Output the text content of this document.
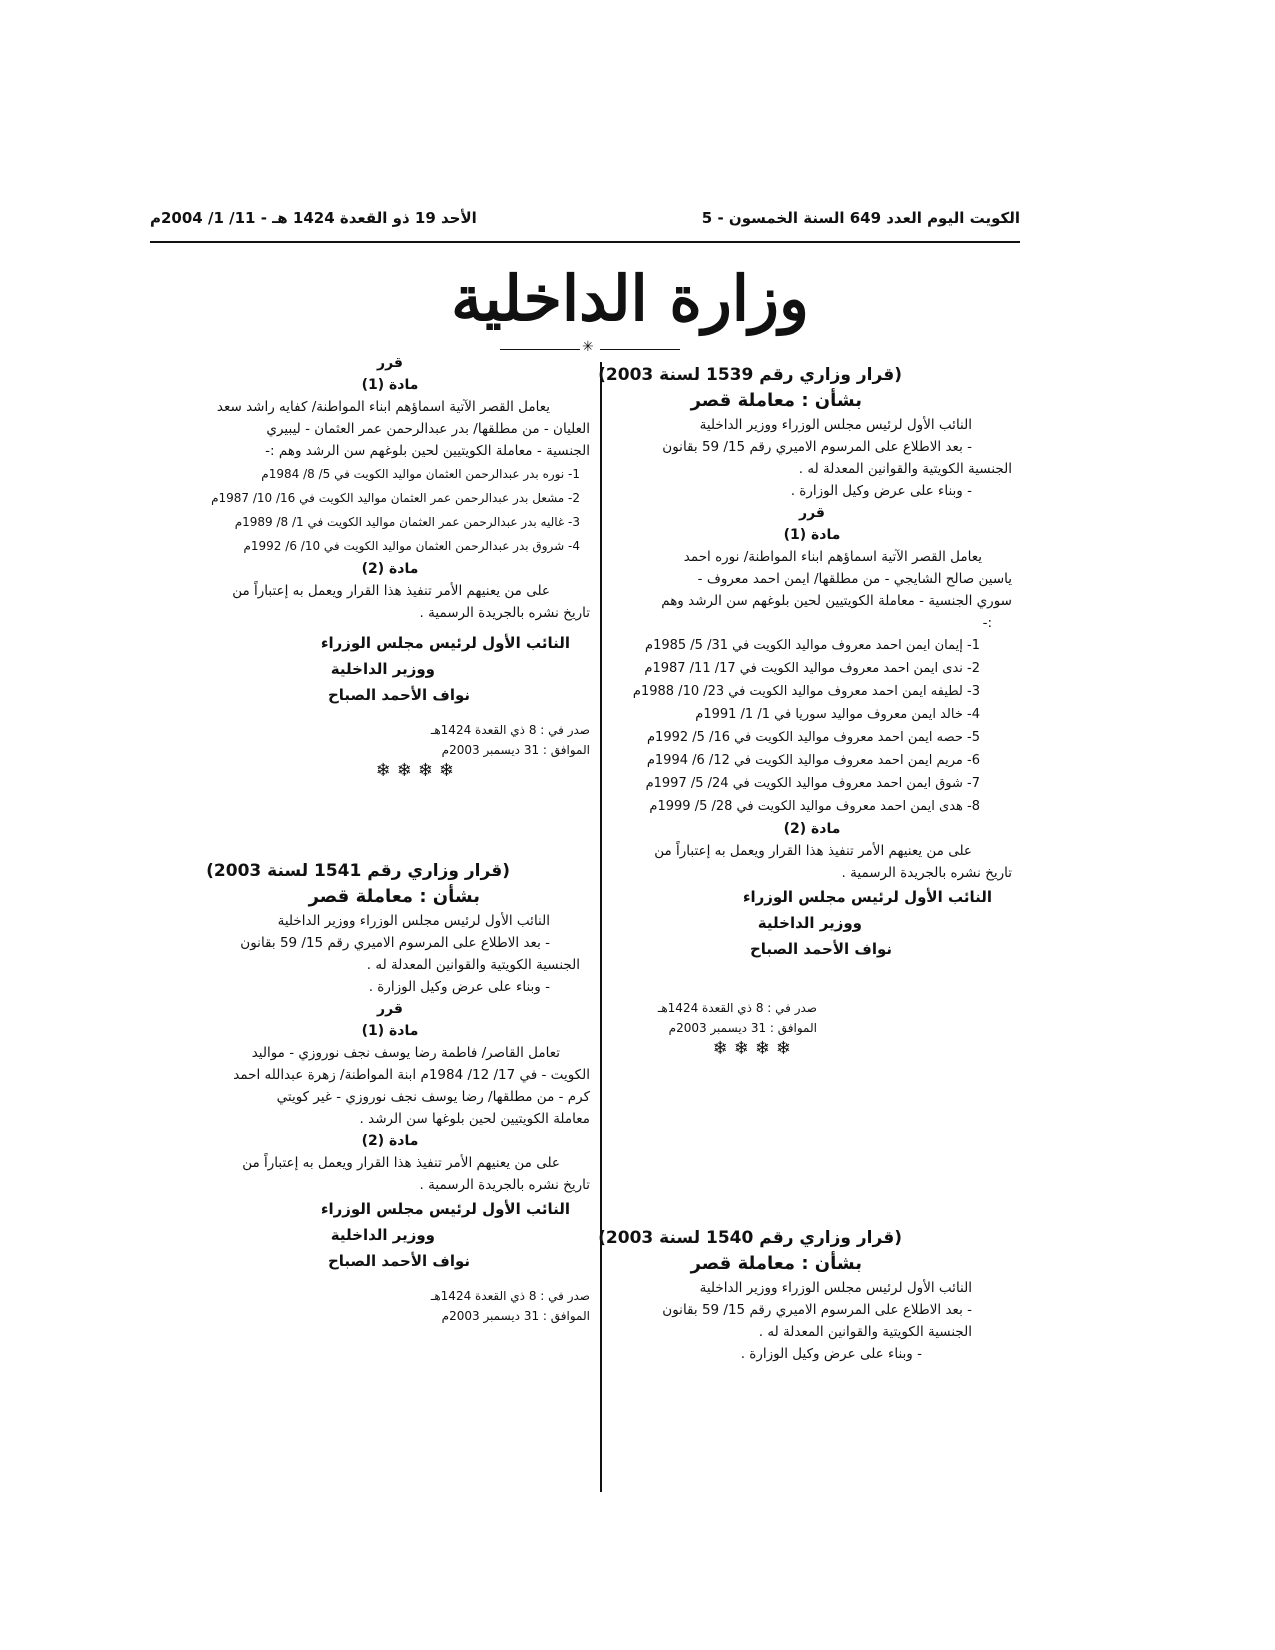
الكويت اليوم العدد 649 السنة الخمسون - 5
الأحد 19 ذو القعدة 1424 هـ - 11/ 1/ 2004م
وزارة الداخلية
✳

(قرار وزاري رقم 1539 لسنة 2003)

بشأن : معاملة قصر

النائب الأول لرئيس مجلس الوزراء ووزير الداخلية

- بعد الاطلاع على المرسوم الاميري رقم 15/ 59 بقانون

الجنسية الكويتية والقوانين المعدلة له .

- وبناء على عرض وكيل الوزارة .

قرر

مادة (1)

يعامل القصر الآتية اسماؤهم ابناء المواطنة/ نوره احمد

ياسين صالح الشايجي - من مطلقها/ ايمن احمد معروف -

سوري الجنسية - معاملة الكويتيين لحين بلوغهم سن الرشد وهم

:-

1- إيمان ايمن احمد معروف مواليد الكويت في 31/ 5/ 1985م

2- ندى ايمن احمد معروف مواليد الكويت في 17/ 11/ 1987م

3- لطيفه ايمن احمد معروف مواليد الكويت في 23/ 10/ 1988م

4- خالد ايمن معروف مواليد سوريا في 1/ 1/ 1991م

5- حصه ايمن احمد معروف مواليد الكويت في 16/ 5/ 1992م

6- مريم ايمن احمد معروف مواليد الكويت في 12/ 6/ 1994م

7- شوق ايمن احمد معروف مواليد الكويت في 24/ 5/ 1997م

8- هدى ايمن احمد معروف مواليد الكويت في 28/ 5/ 1999م

مادة (2)

على من يعنيهم الأمر تنفيذ هذا القرار ويعمل به إعتباراً من

تاريخ نشره بالجريدة الرسمية .

النائب الأول لرئيس مجلس الوزراء

ووزير الداخلية

نواف الأحمد الصباح

صدر في : 8 ذي القعدة 1424هـ

الموافق : 31 ديسمبر 2003م

❄❄❄❄

(قرار وزاري رقم 1540 لسنة 2003)

بشأن : معاملة قصر

النائب الأول لرئيس مجلس الوزراء ووزير الداخلية

- بعد الاطلاع على المرسوم الاميري رقم 15/ 59 بقانون

الجنسية الكويتية والقوانين المعدلة له .

- وبناء على عرض وكيل الوزارة .

قرر

مادة (1)

يعامل القصر الآتية اسماؤهم ابناء المواطنة/ كفايه راشد سعد

العليان - من مطلقها/ بدر عبدالرحمن عمر العثمان - ليبيري

الجنسية - معاملة الكويتيين لحين بلوغهم سن الرشد وهم :-

1- نوره بدر عبدالرحمن العثمان مواليد الكويت في 5/ 8/ 1984م

2- مشعل بدر عبدالرحمن عمر العثمان مواليد الكويت في 16/ 10/ 1987م

3- غاليه بدر عبدالرحمن عمر العثمان مواليد الكويت في 1/ 8/ 1989م

4- شروق بدر عبدالرحمن العثمان مواليد الكويت في 10/ 6/ 1992م

مادة (2)

على من يعنيهم الأمر تنفيذ هذا القرار ويعمل به إعتباراً من

تاريخ نشره بالجريدة الرسمية .

النائب الأول لرئيس مجلس الوزراء

ووزير الداخلية

نواف الأحمد الصباح

صدر في : 8 ذي القعدة 1424هـ

الموافق : 31 ديسمبر 2003م

❄❄❄❄

(قرار وزاري رقم 1541 لسنة 2003)

بشأن : معاملة قصر

النائب الأول لرئيس مجلس الوزراء ووزير الداخلية

- بعد الاطلاع على المرسوم الاميري رقم 15/ 59 بقانون

الجنسية الكويتية والقوانين المعدلة له .

- وبناء على عرض وكيل الوزارة .

قرر

مادة (1)

تعامل القاصر/ فاطمة رضا يوسف نجف نوروزي - مواليد

الكويت - في 17/ 12/ 1984م ابنة المواطنة/ زهرة عبدالله احمد

كرم - من مطلقها/ رضا يوسف نجف نوروزي - غير كويتي

معاملة الكويتيين لحين بلوغها سن الرشد .

مادة (2)

على من يعنيهم الأمر تنفيذ هذا القرار ويعمل به إعتباراً من

تاريخ نشره بالجريدة الرسمية .

النائب الأول لرئيس مجلس الوزراء

ووزير الداخلية

نواف الأحمد الصباح

صدر في : 8 ذي القعدة 1424هـ

الموافق : 31 ديسمبر 2003م
